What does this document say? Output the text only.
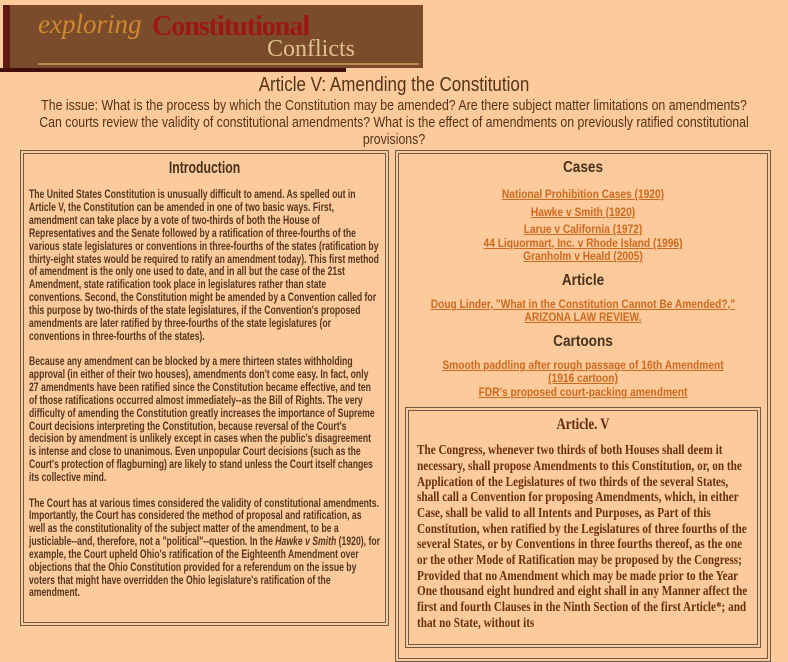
exploring Constitutional
Conflicts
Article V: Amending the Constitution
The issue: What is the process by which the Constitution may be amended? Are there subject matter limitations on amendments? Can courts review the validity of constitutional amendments? What is the effect of amendments on previously ratified constitutional provisions?
Introduction

The United States Constitution is unusually difficult to amend. As spelled out in Article V, the Constitution can be amended in one of two basic ways. First, amendment can take place by a vote of two-thirds of both the House of Representatives and the Senate followed by a ratification of three-fourths of the various state legislatures or conventions in three-fourths of the states (ratification by thirty-eight states would be required to ratify an amendment today). This first method of amendment is the only one used to date, and in all but the case of the 21st Amendment, state ratification took place in legislatures rather than state conventions. Second, the Constitution might be amended by a Convention called for this purpose by two-thirds of the state legislatures, if the Convention's proposed amendments are later ratified by three-fourths of the state legislatures (or conventions in three-fourths of the states).

Because any amendment can be blocked by a mere thirteen states withholding approval (in either of their two houses), amendments don't come easy. In fact, only 27 amendments have been ratified since the Constitution became effective, and ten of those ratifications occurred almost immediately--as the Bill of Rights. The very difficulty of amending the Constitution greatly increases the importance of Supreme Court decisions interpreting the Constitution, because reversal of the Court's decision by amendment is unlikely except in cases when the public's disagreement is intense and close to unanimous. Even unpopular Court decisions (such as the Court's protection of flagburning) are likely to stand unless the Court itself changes its collective mind.

The Court has at various times considered the validity of constitutional amendments. Importantly, the Court has considered the method of proposal and ratification, as well as the constitutionality of the subject matter of the amendment, to be a justiciable--and, therefore, not a "political"--question. In the Hawke v Smith (1920), for example, the Court upheld Ohio's ratification of the Eighteenth Amendment over objections that the Ohio Constitution provided for a referendum on the issue by voters that might have overridden the Ohio legislature's ratification of the amendment.

Cases
National Prohibition Cases (1920)
Hawke v Smith (1920)
Larue v California (1972)
44 Liquormart, Inc. v Rhode Island (1996)
Granholm v Heald (2005)
Article
Doug Linder, "What in the Constitution Cannot Be Amended?,"
ARIZONA LAW REVIEW.
Cartoons
Smooth paddling after rough passage of 16th Amendment
(1916 cartoon)
FDR's proposed court-packing amendment
Article. V

The Congress, whenever two thirds of both Houses shall deem it necessary, shall propose Amendments to this Constitution, or, on the Application of the Legislatures of two thirds of the several States, shall call a Convention for proposing Amendments, which, in either Case, shall be valid to all Intents and Purposes, as Part of this Constitution, when ratified by the Legislatures of three fourths of the several States, or by Conventions in three fourths thereof, as the one or the other Mode of Ratification may be proposed by the Congress; Provided that no Amendment which may be made prior to the Year One thousand eight hundred and eight shall in any Manner affect the first and fourth Clauses in the Ninth Section of the first Article*; and that no State, without its
